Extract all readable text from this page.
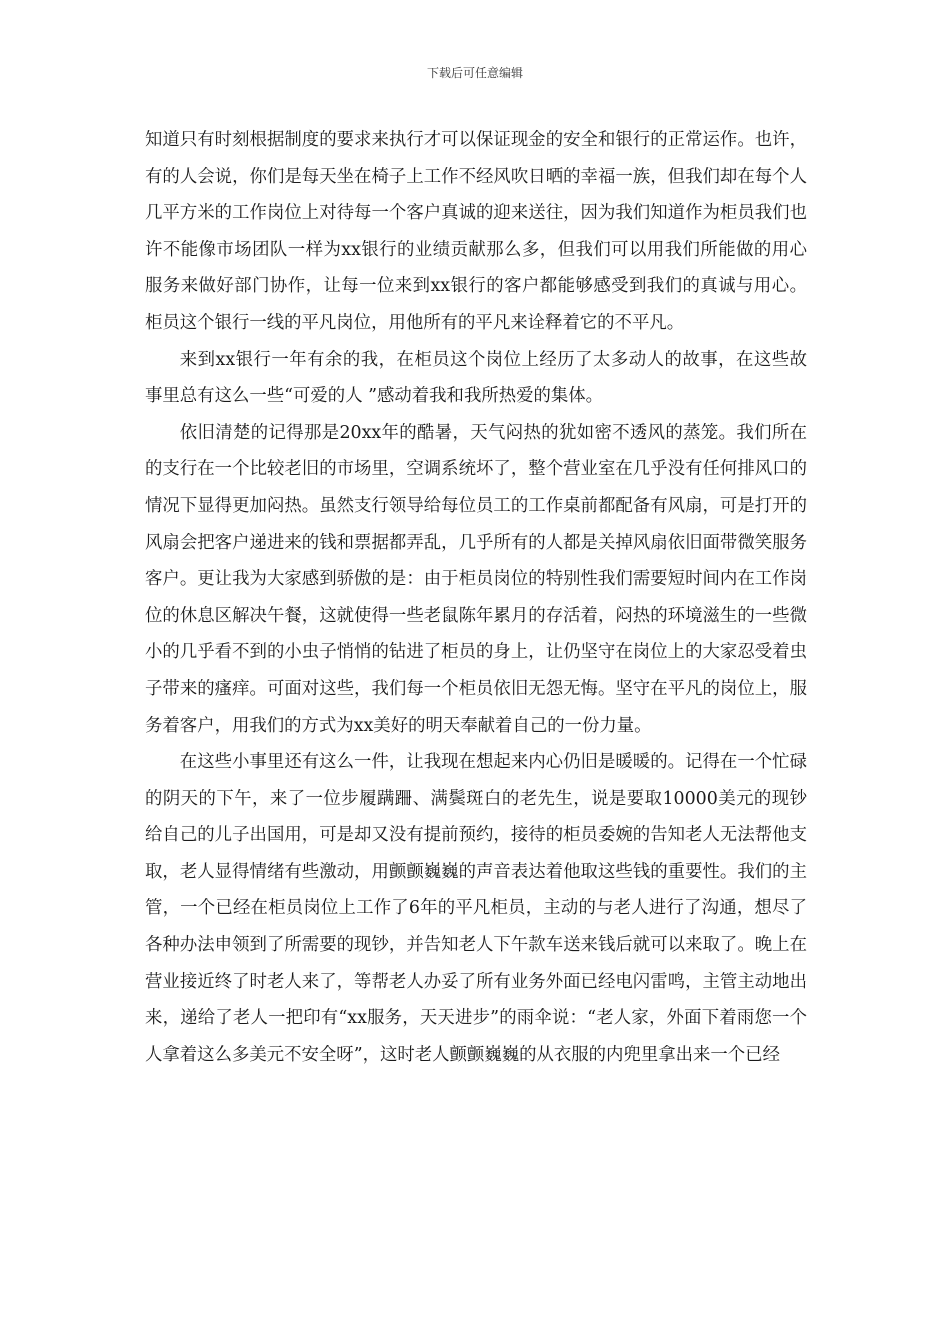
下载后可任意编辑

知道只有时刻根据制度的要求来执行才可以保证现金的安全和银行的正常运作。也许，有的人会说，你们是每天坐在椅子上工作不经风吹日晒的幸福一族，但我们却在每个人几平方米的工作岗位上对待每一个客户真诚的迎来送往，因为我们知道作为柜员我们也许不能像市场团队一样为xx银行的业绩贡献那么多，但我们可以用我们所能做的用心服务来做好部门协作，让每一位来到xx银行的客户都能够感受到我们的真诚与用心。柜员这个银行一线的平凡岗位，用他所有的平凡来诠释着它的不平凡。

来到xx银行一年有余的我，在柜员这个岗位上经历了太多动人的故事，在这些故事里总有这么一些“可爱的人 ”感动着我和我所热爱的集体。

依旧清楚的记得那是20xx年的酷暑，天气闷热的犹如密不透风的蒸笼。我们所在的支行在一个比较老旧的市场里，空调系统坏了，整个营业室在几乎没有任何排风口的情况下显得更加闷热。虽然支行领导给每位员工的工作桌前都配备有风扇，可是打开的风扇会把客户递进来的钱和票据都弄乱，几乎所有的人都是关掉风扇依旧面带微笑服务客户。更让我为大家感到骄傲的是：由于柜员岗位的特别性我们需要短时间内在工作岗位的休息区解决午餐，这就使得一些老鼠陈年累月的存活着，闷热的环境滋生的一些微小的几乎看不到的小虫子悄悄的钻进了柜员的身上，让仍坚守在岗位上的大家忍受着虫子带来的瘙痒。可面对这些，我们每一个柜员依旧无怨无悔。坚守在平凡的岗位上，服务着客户，用我们的方式为xx美好的明天奉献着自己的一份力量。

在这些小事里还有这么一件，让我现在想起来内心仍旧是暖暖的。记得在一个忙碌的阴天的下午，来了一位步履蹒跚、满鬓斑白的老先生，说是要取10000美元的现钞给自己的儿子出国用，可是却又没有提前预约，接待的柜员委婉的告知老人无法帮他支取，老人显得情绪有些激动，用颤颤巍巍的声音表达着他取这些钱的重要性。我们的主管，一个已经在柜员岗位上工作了6年的平凡柜员，主动的与老人进行了沟通，想尽了各种办法申领到了所需要的现钞，并告知老人下午款车送来钱后就可以来取了。晚上在营业接近终了时老人来了，等帮老人办妥了所有业务外面已经电闪雷鸣，主管主动地出来，递给了老人一把印有“xx服务，天天进步”的雨伞说：“老人家，外面下着雨您一个人拿着这么多美元不安全呀”，这时老人颤颤巍巍的从衣服的内兜里拿出来一个已经
